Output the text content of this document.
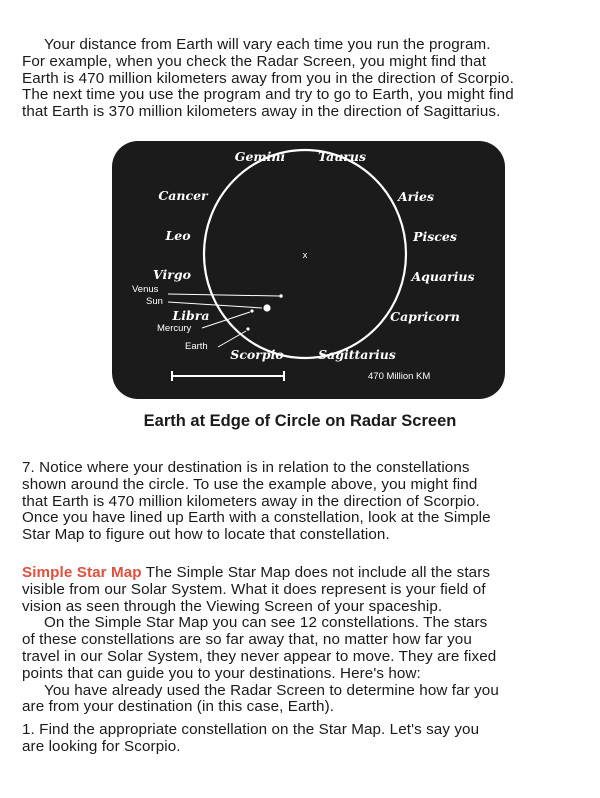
Your distance from Earth will vary each time you run the program.
For example, when you check the Radar Screen, you might find that
Earth is 470 million kilometers away from you in the direction of Scorpio.
The next time you use the program and try to go to Earth, you might find
that Earth is 370 million kilometers away in the direction of Sagittarius.
x
Gemini	Taurus
Cancer	Aries
Leo	Pisces
Virgo	Aquarius
Libra	Capricorn
Scorpio	Sagittarius
Venus
Sun
Mercury
Earth
470 Million KM
Earth at Edge of Circle on Radar Screen
7. Notice where your destination is in relation to the constellations
shown around the circle. To use the example above, you might find
that Earth is 470 million kilometers away in the direction of Scorpio.
Once you have lined up Earth with a constellation, look at the Simple
Star Map to figure out how to locate that constellation.
Simple Star Map The Simple Star Map does not include all the stars
visible from our Solar System. What it does represent is your field of
vision as seen through the Viewing Screen of your spaceship.
On the Simple Star Map you can see 12 constellations. The stars
of these constellations are so far away that, no matter how far you
travel in our Solar System, they never appear to move. They are fixed
points that can guide you to your destinations. Here's how:
You have already used the Radar Screen to determine how far you
are from your destination (in this case, Earth).
1. Find the appropriate constellation on the Star Map. Let's say you
are looking for Scorpio.
